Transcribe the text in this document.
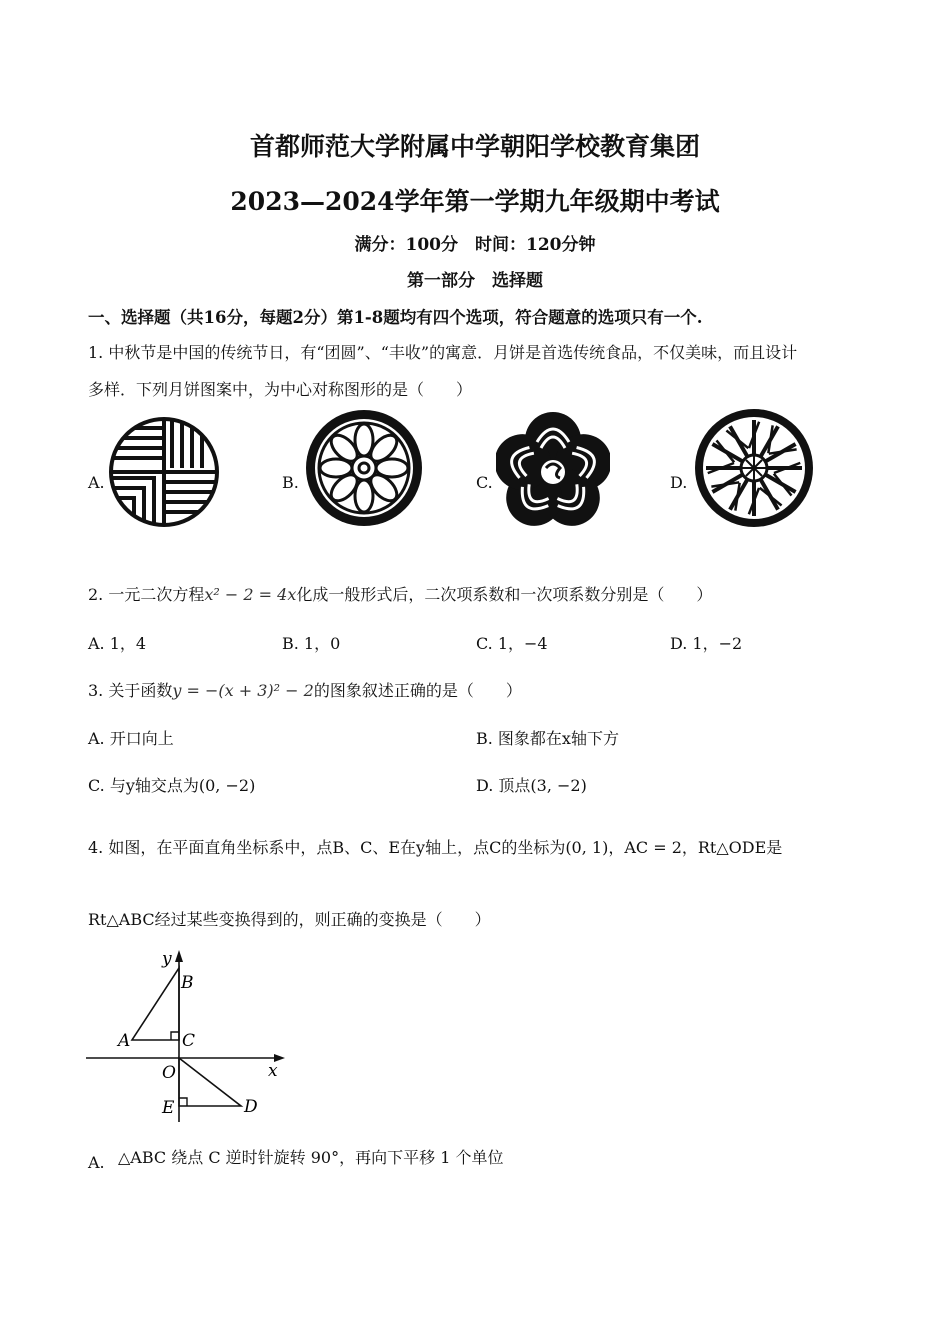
首都师范大学附属中学朝阳学校教育集团
2023—2024学年第一学期九年级期中考试
满分：100分　时间：120分钟
第一部分　选择题
一、选择题（共16分，每题2分）第1-8题均有四个选项，符合题意的选项只有一个.
1. 中秋节是中国的传统节日，有“团圆”、“丰收”的寓意．月饼是首选传统食品，不仅美味，而且设计
多样．下列月饼图案中，为中心对称图形的是（　　）
A.	B.	C.	D.
2. 一元二次方程x² − 2 = 4x化成一般形式后，二次项系数和一次项系数分别是（　　）
A. 1，4	B. 1，0	C. 1，−4	D. 1，−2
3. 关于函数y = −(x + 3)² − 2的图象叙述正确的是（　　）
A. 开口向上	B. 图象都在x轴下方
C. 与y轴交点为(0, −2)	D. 顶点(3, −2)
4. 如图，在平面直角坐标系中，点B、C、E在y轴上，点C的坐标为(0, 1)，AC = 2，Rt△ODE是
Rt△ABC经过某些变换得到的，则正确的变换是（　　）
y
B
A	C
O	x
E	D
A. △ABC 绕点 C 逆时针旋转 90°，再向下平移 1 个单位
